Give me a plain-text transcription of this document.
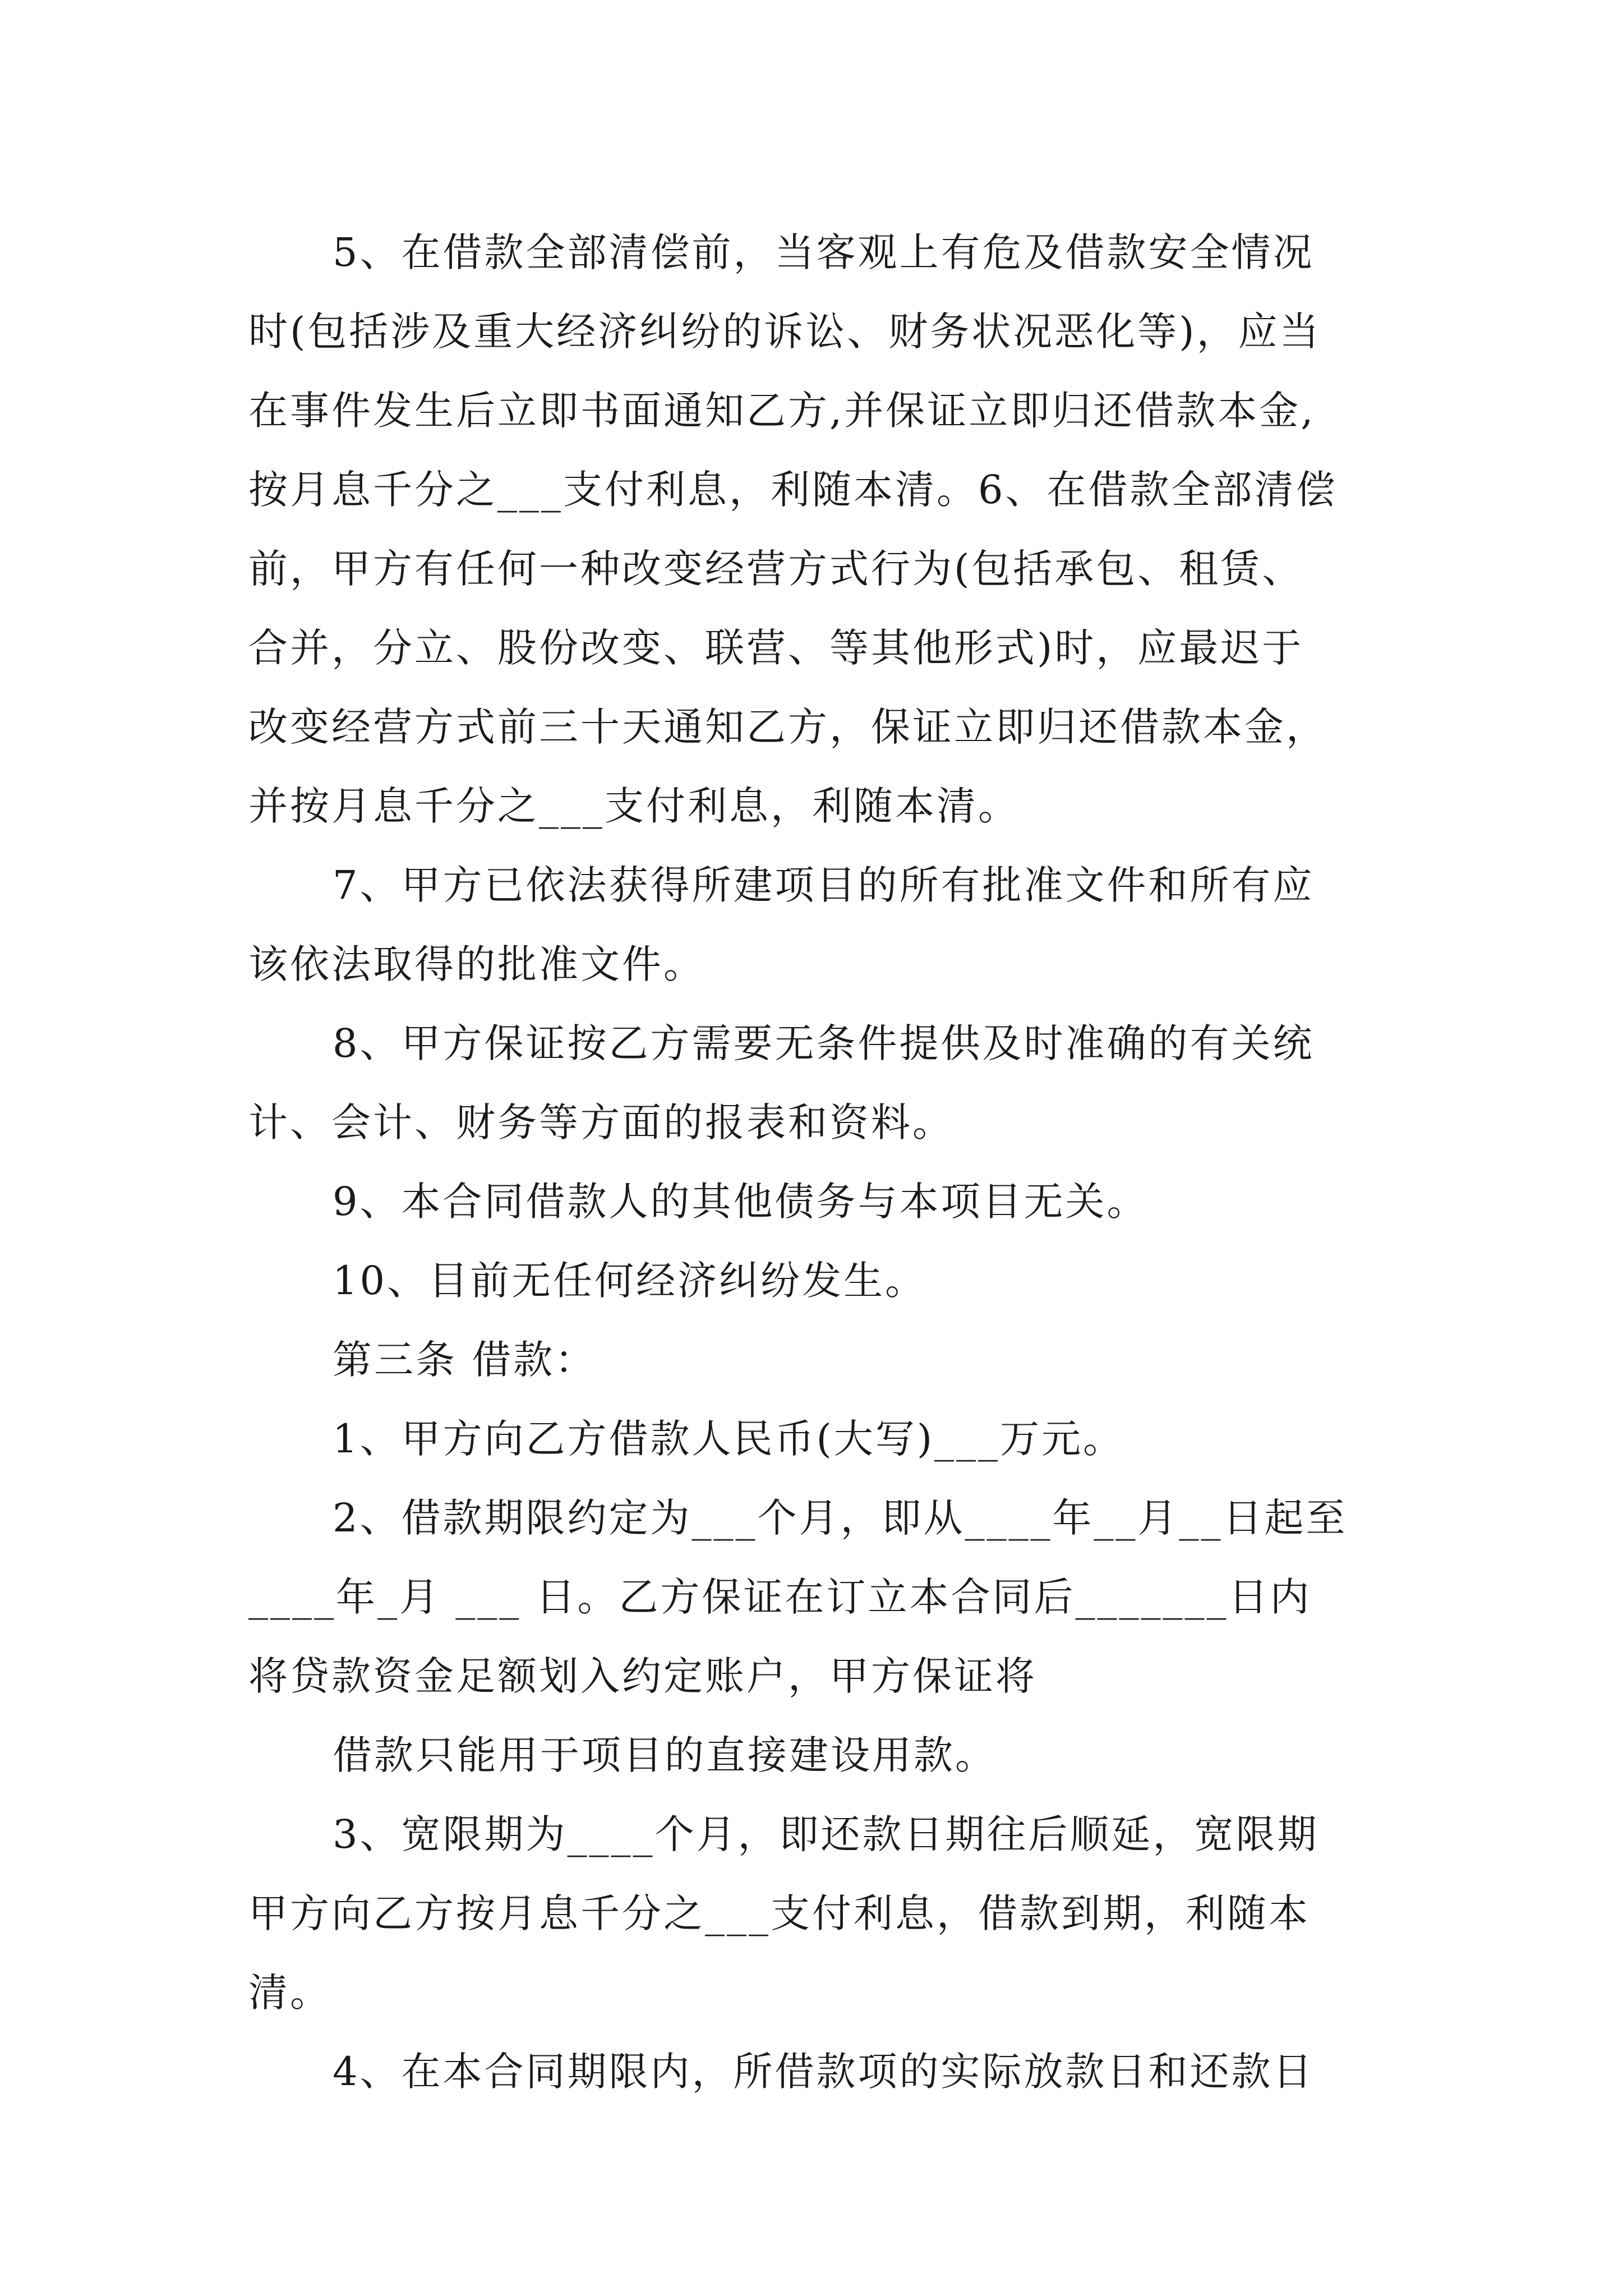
5、在借款全部清偿前，当客观上有危及借款安全情况

时(包括涉及重大经济纠纷的诉讼、财务状况恶化等)，应当

在事件发生后立即书面通知乙方,并保证立即归还借款本金,

按月息千分之___支付利息，利随本清。6、在借款全部清偿

前，甲方有任何一种改变经营方式行为(包括承包、租赁、

合并，分立、股份改变、联营、等其他形式)时，应最迟于

改变经营方式前三十天通知乙方，保证立即归还借款本金，

并按月息千分之___支付利息，利随本清。

7、甲方已依法获得所建项目的所有批准文件和所有应

该依法取得的批准文件。

8、甲方保证按乙方需要无条件提供及时准确的有关统

计、会计、财务等方面的报表和资料。

9、本合同借款人的其他债务与本项目无关。

10、目前无任何经济纠纷发生。

第三条 借款：

1、甲方向乙方借款人民币(大写)___万元。

2、借款期限约定为___个月，即从____年__月__日起至

____年_月 ___ 日。乙方保证在订立本合同后_______日内

将贷款资金足额划入约定账户，甲方保证将

借款只能用于项目的直接建设用款。

3、宽限期为____个月，即还款日期往后顺延，宽限期

甲方向乙方按月息千分之___支付利息，借款到期，利随本

清。

4、在本合同期限内，所借款项的实际放款日和还款日
